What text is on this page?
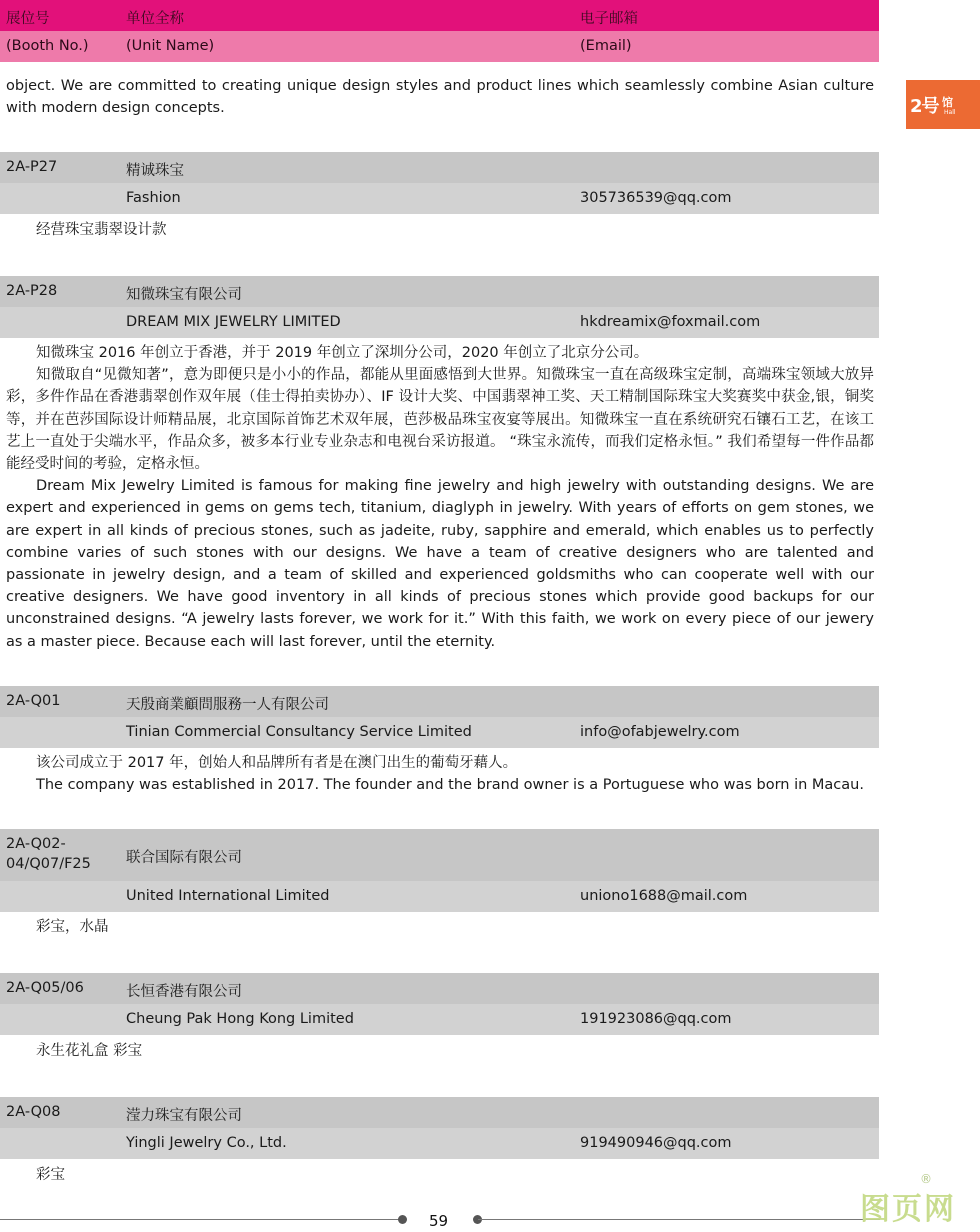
展位号	单位全称	电子邮箱
(Booth No.)	(Unit Name)	(Email)
2号 馆
Hall
object. We are committed to creating unique design styles and product lines which seamlessly combine Asian culture with modern design concepts.
2A-P27	精诚珠宝
Fashion	305736539@qq.com

经营珠宝翡翠设计款

2A-P28	知微珠宝有限公司
DREAM MIX JEWELRY LIMITED	hkdreamix@foxmail.com

知微珠宝 2016 年创立于香港，并于 2019 年创立了深圳分公司，2020 年创立了北京分公司。

知微取自“见微知著”，意为即便只是小小的作品，都能从里面感悟到大世界。知微珠宝一直在高级珠宝定制，高端珠宝领域大放异彩，多件作品在香港翡翠创作双年展（佳士得拍卖协办）、IF 设计大奖、中国翡翠神工奖、天工精制国际珠宝大奖赛奖中获金,银，铜奖等，并在芭莎国际设计师精品展，北京国际首饰艺术双年展，芭莎极品珠宝夜宴等展出。知微珠宝一直在系统研究石镶石工艺，在该工艺上一直处于尖端水平，作品众多，被多本行业专业杂志和电视台采访报道。 “珠宝永流传，而我们定格永恒。” 我们希望每一件作品都能经受时间的考验，定格永恒。

Dream Mix Jewelry Limited is famous for making fine jewelry and high jewelry with outstanding designs. We are expert and experienced in gems on gems tech, titanium, diaglyph in jewelry. With years of efforts on gem stones, we are expert in all kinds of precious stones, such as jadeite, ruby, sapphire and emerald, which enables us to perfectly combine varies of such stones with our designs. We have a team of creative designers who are talented and passionate in jewelry design, and a team of skilled and experienced goldsmiths who can cooperate well with our creative designers. We have good inventory in all kinds of precious stones which provide good backups for our unconstrained designs. “A jewelry lasts forever, we work for it.” With this faith, we work on every piece of our jewery as a master piece. Because each will last forever, until the eternity.

2A-Q01	天殷商業顧問服務一人有限公司
Tinian Commercial Consultancy Service Limited	info@ofabjewelry.com

该公司成立于 2017 年，创始人和品牌所有者是在澳门出生的葡萄牙藉人。

The company was established in 2017. The founder and the brand owner is a Portuguese who was born in Macau.

2A-Q02-04/Q07/F25	联合国际有限公司
United International Limited	uniono1688@mail.com

彩宝，水晶

2A-Q05/06	长恒香港有限公司
Cheung Pak Hong Kong Limited	191923086@qq.com

永生花礼盒 彩宝

2A-Q08	滢力珠宝有限公司
Yingli Jewelry Co., Ltd.	919490946@qq.com

彩宝

59	图页网
®
